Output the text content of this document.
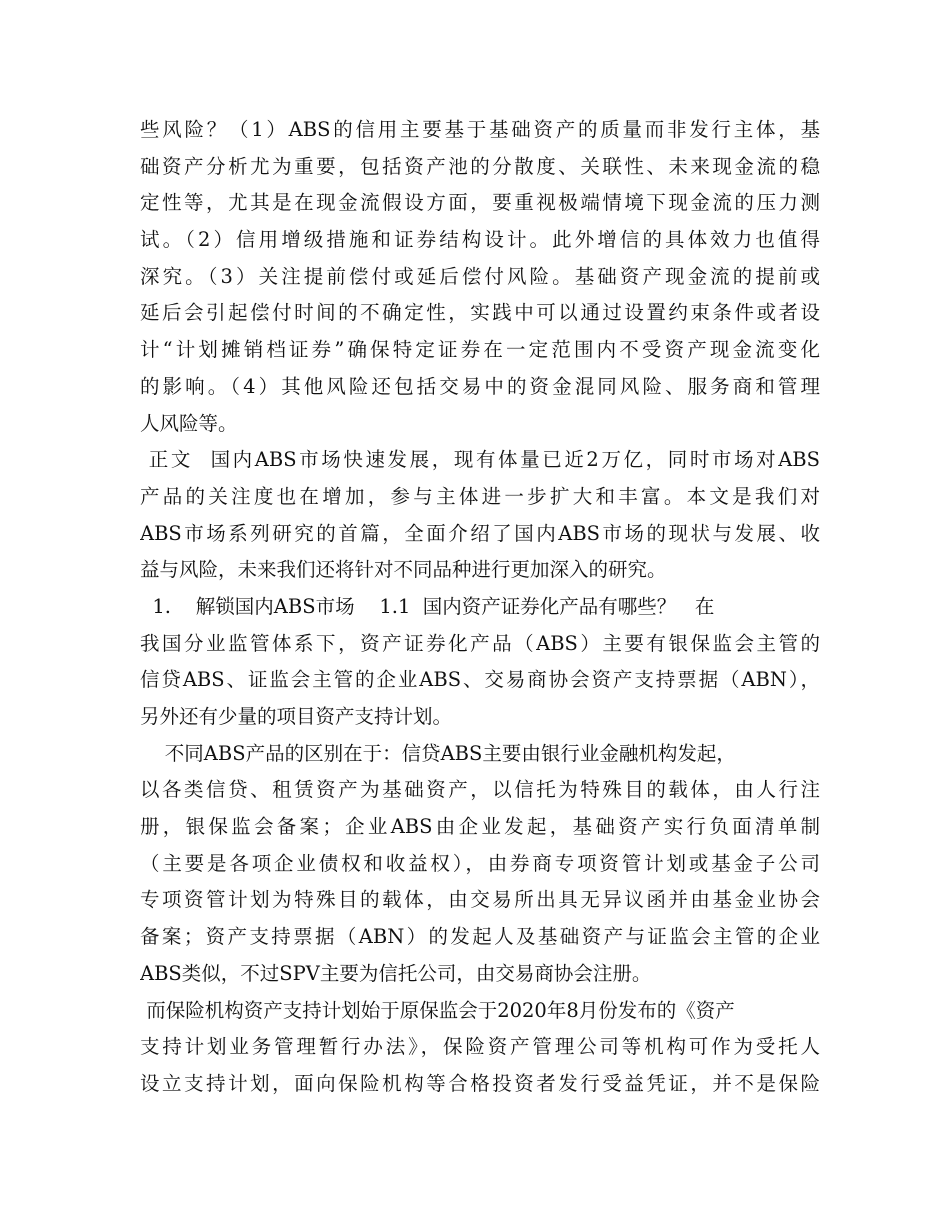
些风险？（1）ABS的信用主要基于基础资产的质量而非发行主体，基
础资产分析尤为重要，包括资产池的分散度、关联性、未来现金流的稳
定性等，尤其是在现金流假设方面，要重视极端情境下现金流的压力测
试。（2）信用增级措施和证券结构设计。此外增信的具体效力也值得
深究。（3）关注提前偿付或延后偿付风险。基础资产现金流的提前或
延后会引起偿付时间的不确定性，实践中可以通过设置约束条件或者设
计“计划摊销档证券”确保特定证券在一定范围内不受资产现金流变化
的影响。（4）其他风险还包括交易中的资金混同风险、服务商和管理
人风险等。
正文  国内ABS市场快速发展，现有体量已近2万亿，同时市场对ABS
产品的关注度也在增加，参与主体进一步扩大和丰富。本文是我们对
ABS市场系列研究的首篇，全面介绍了国内ABS市场的现状与发展、收
益与风险，未来我们还将针对不同品种进行更加深入的研究。
1.    解锁国内ABS市场    1.1  国内资产证券化产品有哪些？   在
我国分业监管体系下，资产证券化产品（ABS）主要有银保监会主管的
信贷ABS、证监会主管的企业ABS、交易商协会资产支持票据（ABN），
另外还有少量的项目资产支持计划。
不同ABS产品的区别在于：信贷ABS主要由银行业金融机构发起，
以各类信贷、租赁资产为基础资产，以信托为特殊目的载体，由人行注
册，银保监会备案；企业ABS由企业发起，基础资产实行负面清单制
（主要是各项企业债权和收益权），由券商专项资管计划或基金子公司
专项资管计划为特殊目的载体，由交易所出具无异议函并由基金业协会
备案；资产支持票据（ABN）的发起人及基础资产与证监会主管的企业
ABS类似，不过SPV主要为信托公司，由交易商协会注册。
而保险机构资产支持计划始于原保监会于2020年8月份发布的《资产
支持计划业务管理暂行办法》，保险资产管理公司等机构可作为受托人
设立支持计划，面向保险机构等合格投资者发行受益凭证，并不是保险
